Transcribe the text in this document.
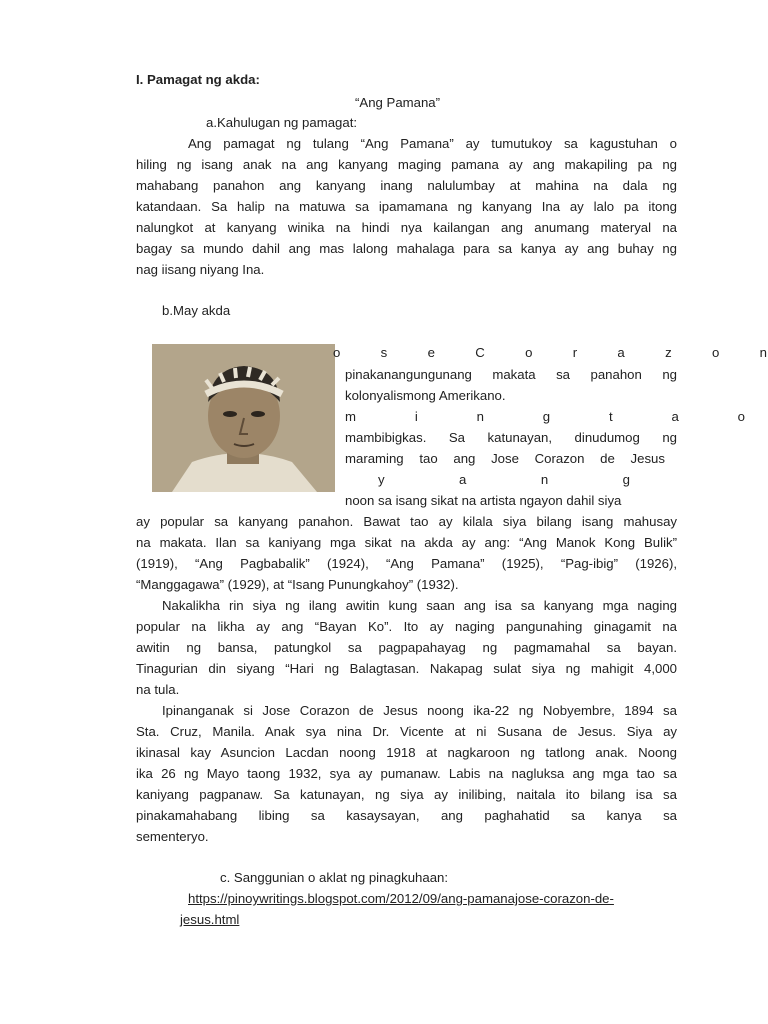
I. Pamagat ng akda:
“Ang Pamana”
a.Kahulugan ng pamagat:
Ang pamagat ng tulang “Ang Pamana” ay tumutukoy sa kagustuhan o
hiling ng isang anak na ang kanyang maging pamana ay ang makapiling pa ng
mahabang panahon ang kanyang inang nalulumbay at mahina na dala ng
katandaan. Sa halip na matuwa sa ipamamana ng kanyang Ina ay lalo pa itong
nalungkot at kanyang winika na hindi nya kailangan ang anumang materyal na
bagay sa mundo dahil ang mas lalong mahalaga para sa kanya ay ang buhay ng
nag iisang niyang Ina.
b.May akda
o s e C o r a z o n
pinakanangungunang makata sa panahon ng
kolonyalismong Amerikano.
m i n g t a o
mambibigkas. Sa katunayan, dinudumog ng
maraming tao ang Jose Corazon de Jesus
y a n g
noon sa isang sikat na artista ngayon dahil siya
ay popular sa kanyang panahon. Bawat tao ay kilala siya bilang isang mahusay
na makata. Ilan sa kaniyang mga sikat na akda ay ang: “Ang Manok Kong Bulik”
(1919), “Ang Pagbabalik” (1924), “Ang Pamana” (1925), “Pag-ibig” (1926),
“Manggagawa” (1929), at “Isang Punungkahoy” (1932).
Nakalikha rin siya ng ilang awitin kung saan ang isa sa kanyang mga naging
popular na likha ay ang “Bayan Ko”. Ito ay naging pangunahing ginagamit na
awitin ng bansa, patungkol sa pagpapahayag ng pagmamahal sa bayan.
Tinagurian din siyang “Hari ng Balagtasan. Nakapag sulat siya ng mahigit 4,000
na tula.
Ipinanganak si Jose Corazon de Jesus noong ika-22 ng Nobyembre, 1894 sa
Sta. Cruz, Manila. Anak sya nina Dr. Vicente at ni Susana de Jesus. Siya ay
ikinasal kay Asuncion Lacdan noong 1918 at nagkaroon ng tatlong anak. Noong
ika 26 ng Mayo taong 1932, sya ay pumanaw. Labis na nagluksa ang mga tao sa
kaniyang pagpanaw. Sa katunayan, ng siya ay inilibing, naitala ito bilang isa sa
pinakamahabang libing sa kasaysayan, ang paghahatid sa kanya sa
sementeryo.
c. Sanggunian o aklat ng pinagkuhaan:
https://pinoywritings.blogspot.com/2012/09/ang-pamanajose-corazon-de-
jesus.html
